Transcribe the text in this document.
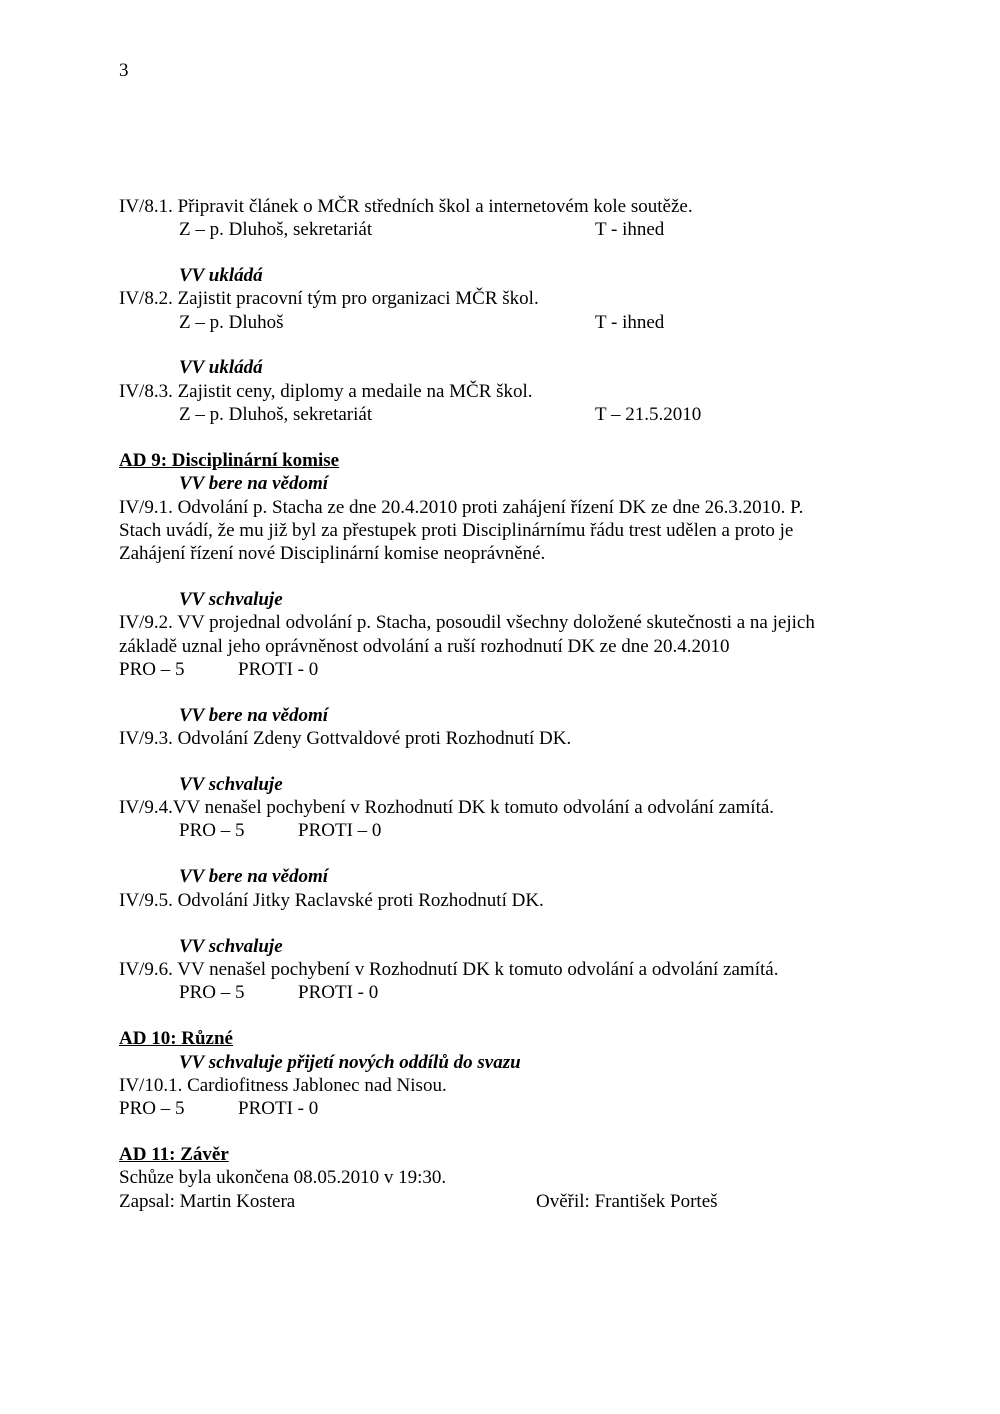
3
IV/8.1. Připravit článek o MČR středních škol a internetovém kole soutěže.
Z – p. Dluhoš, sekretariát	T - ihned
VV ukládá
IV/8.2. Zajistit pracovní tým pro organizaci MČR škol.
Z – p. Dluhoš	T - ihned
VV ukládá
IV/8.3. Zajistit ceny, diplomy a medaile na MČR škol.
Z – p. Dluhoš, sekretariát	T – 21.5.2010
AD 9: Disciplinární komise
VV bere na vědomí
IV/9.1. Odvolání p. Stacha ze dne 20.4.2010 proti zahájení řízení DK ze dne 26.3.2010. P.
Stach uvádí, že mu již byl za přestupek proti Disciplinárnímu řádu trest udělen a proto je
Zahájení řízení nové Disciplinární komise neoprávněné.
VV schvaluje
IV/9.2. VV projednal odvolání p. Stacha, posoudil všechny doložené skutečnosti a na jejich
základě uznal jeho oprávněnost odvolání a ruší rozhodnutí DK ze dne 20.4.2010
PRO – 5	PROTI - 0
VV bere na vědomí
IV/9.3. Odvolání Zdeny Gottvaldové proti Rozhodnutí DK.
VV schvaluje
IV/9.4.VV nenašel pochybení v Rozhodnutí DK k tomuto odvolání a odvolání zamítá.
PRO – 5	PROTI – 0
VV bere na vědomí
IV/9.5. Odvolání Jitky Raclavské proti Rozhodnutí DK.
VV schvaluje
IV/9.6. VV nenašel pochybení v Rozhodnutí DK k tomuto odvolání a odvolání zamítá.
PRO – 5	PROTI - 0
AD 10: Různé
VV schvaluje přijetí nových oddílů do svazu
IV/10.1. Cardiofitness Jablonec nad Nisou.
PRO – 5	PROTI - 0
AD 11: Závěr
Schůze byla ukončena 08.05.2010 v 19:30.
Zapsal: Martin Kostera	Ověřil: František Porteš
